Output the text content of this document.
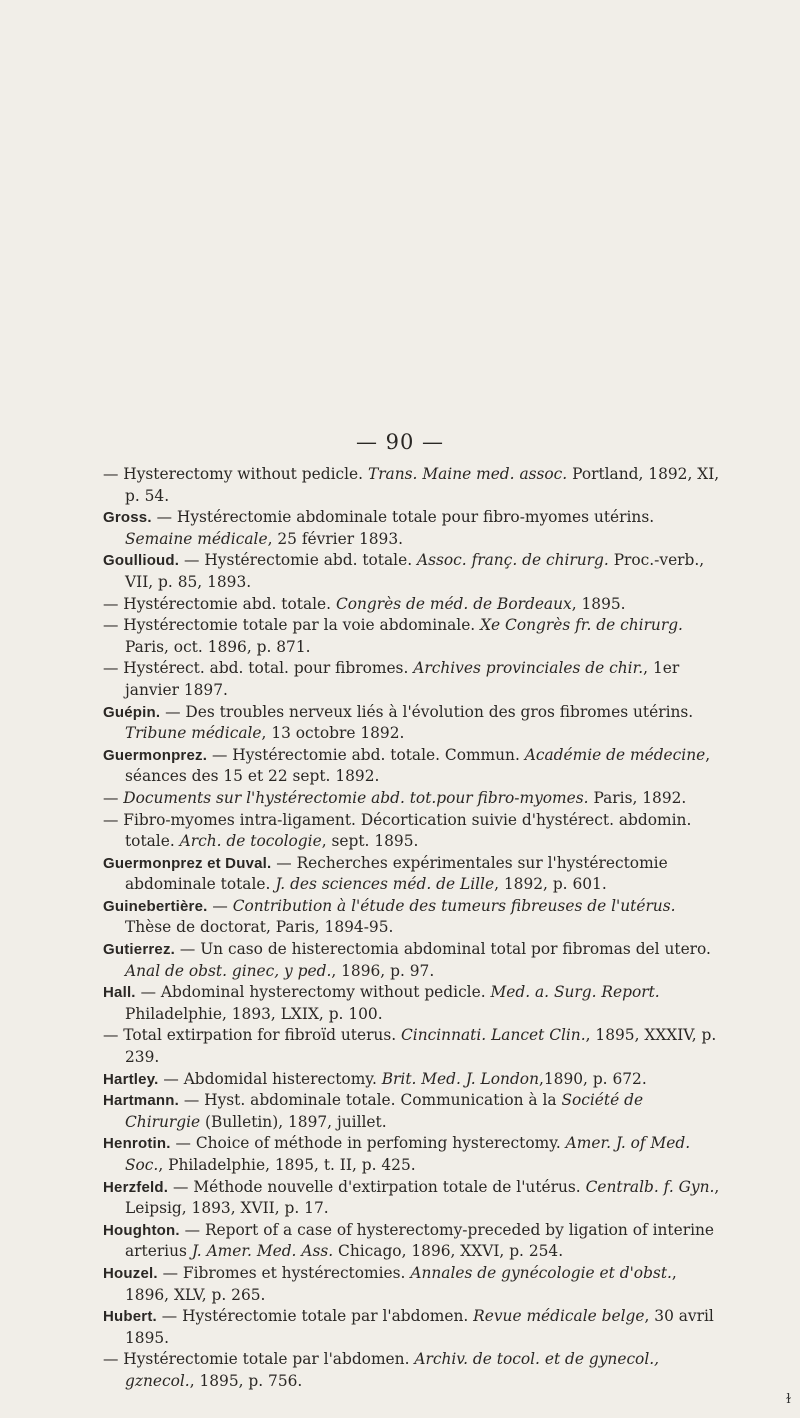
— 90 —

— Hysterectomy without pedicle. Trans. Maine med. assoc. Portland, 1892, XI, p. 54.

Gross. — Hystérectomie abdominale totale pour fibro-myomes utérins. Semaine médicale, 25 février 1893.

Goullioud. — Hystérectomie abd. totale. Assoc. franç. de chirurg. Proc.-verb., VII, p. 85, 1893.

— Hystérectomie abd. totale. Congrès de méd. de Bordeaux, 1895.

— Hystérectomie totale par la voie abdominale. Xe Congrès fr. de chirurg. Paris, oct. 1896, p. 871.

— Hystérect. abd. total. pour fibromes. Archives provinciales de chir., 1er janvier 1897.

Guépin. — Des troubles nerveux liés à l'évolution des gros fibromes utérins. Tribune médicale, 13 octobre 1892.

Guermonprez. — Hystérectomie abd. totale. Commun. Académie de médecine, séances des 15 et 22 sept. 1892.

— Documents sur l'hystérectomie abd. tot.pour fibro-myomes. Paris, 1892.

— Fibro-myomes intra-ligament. Décortication suivie d'hystérect. abdomin. totale. Arch. de tocologie, sept. 1895.

Guermonprez et Duval. — Recherches expérimentales sur l'hystérectomie abdominale totale. J. des sciences méd. de Lille, 1892, p. 601.

Guinebertière. — Contribution à l'étude des tumeurs fibreuses de l'utérus. Thèse de doctorat, Paris, 1894-95.

Gutierrez. — Un caso de histerectomia abdominal total por fibromas del utero. Anal de obst. ginec, y ped., 1896, p. 97.

Hall. — Abdominal hysterectomy without pedicle. Med. a. Surg. Report. Philadelphie, 1893, LXIX, p. 100.

— Total extirpation for fibroïd uterus. Cincinnati. Lancet Clin., 1895, XXXIV, p. 239.

Hartley. — Abdomidal histerectomy. Brit. Med. J. London,1890, p. 672.

Hartmann. — Hyst. abdominale totale. Communication à la Société de Chirurgie (Bulletin), 1897, juillet.

Henrotin. — Choice of méthode in perfoming hysterectomy. Amer. J. of Med. Soc., Philadelphie, 1895, t. II, p. 425.

Herzfeld. — Méthode nouvelle d'extirpation totale de l'utérus. Centralb. f. Gyn., Leipsig, 1893, XVII, p. 17.

Houghton. — Report of a case of hysterectomy-preceded by ligation of interine arterius J. Amer. Med. Ass. Chicago, 1896, XXVI, p. 254.

Houzel. — Fibromes et hystérectomies. Annales de gynécologie et d'obst., 1896, XLV, p. 265.

Hubert. — Hystérectomie totale par l'abdomen. Revue médicale belge, 30 avril 1895.

— Hystérectomie totale par l'abdomen. Archiv. de tocol. et de gynecol., gznecol., 1895, p. 756.

ɫ
